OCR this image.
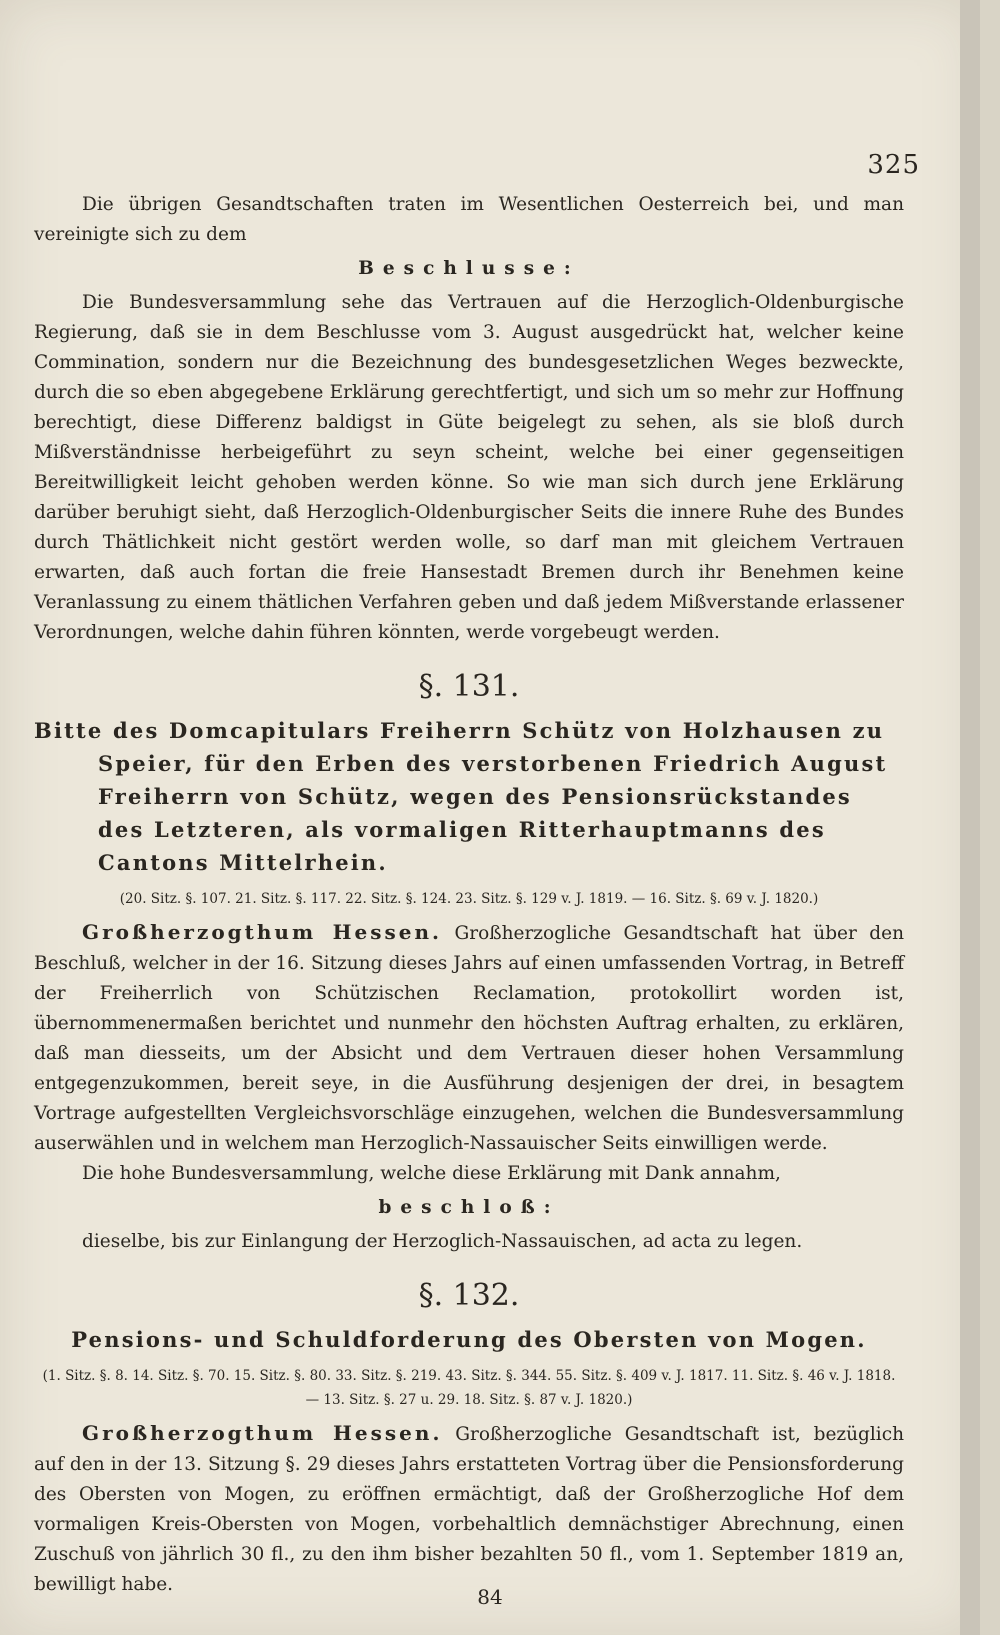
325

Die übrigen Gesandtschaften traten im Wesentlichen Oesterreich bei, und man vereinigte sich zu dem

Beschlusse:

Die Bundesversammlung sehe das Vertrauen auf die Herzoglich-Oldenburgische Regierung, daß sie in dem Beschlusse vom 3. August ausgedrückt hat, welcher keine Commination, sondern nur die Bezeichnung des bundesgesetzlichen Weges bezweckte, durch die so eben abgegebene Erklärung gerechtfertigt, und sich um so mehr zur Hoffnung berechtigt, diese Differenz baldigst in Güte beigelegt zu sehen, als sie bloß durch Mißverständnisse herbeigeführt zu seyn scheint, welche bei einer gegenseitigen Bereitwilligkeit leicht gehoben werden könne. So wie man sich durch jene Erklärung darüber beruhigt sieht, daß Herzoglich-Oldenburgischer Seits die innere Ruhe des Bundes durch Thätlichkeit nicht gestört werden wolle, so darf man mit gleichem Vertrauen erwarten, daß auch fortan die freie Hansestadt Bremen durch ihr Benehmen keine Veranlassung zu einem thätlichen Verfahren geben und daß jedem Mißverstande erlassener Verordnungen, welche dahin führen könnten, werde vorgebeugt werden.

§. 131.

Bitte des Domcapitulars Freiherrn Schütz von Holzhausen zu Speier, für den Erben des verstorbenen Friedrich August Freiherrn von Schütz, wegen des Pensionsrückstandes des Letzteren, als vormaligen Ritterhauptmanns des Cantons Mittelrhein.

(20. Sitz. §. 107. 21. Sitz. §. 117. 22. Sitz. §. 124. 23. Sitz. §. 129 v. J. 1819. — 16. Sitz. §. 69 v. J. 1820.)

Großherzogthum Hessen. Großherzogliche Gesandtschaft hat über den Beschluß, welcher in der 16. Sitzung dieses Jahrs auf einen umfassenden Vortrag, in Betreff der Freiherrlich von Schützischen Reclamation, protokollirt worden ist, übernommenermaßen berichtet und nunmehr den höchsten Auftrag erhalten, zu erklären, daß man diesseits, um der Absicht und dem Vertrauen dieser hohen Versammlung entgegenzukommen, bereit seye, in die Ausführung desjenigen der drei, in besagtem Vortrage aufgestellten Vergleichsvorschläge einzugehen, welchen die Bundesversammlung auserwählen und in welchem man Herzoglich-Nassauischer Seits einwilligen werde.

Die hohe Bundesversammlung, welche diese Erklärung mit Dank annahm,

beschloß:

dieselbe, bis zur Einlangung der Herzoglich-Nassauischen, ad acta zu legen.

§. 132.

Pensions- und Schuldforderung des Obersten von Mogen.

(1. Sitz. §. 8. 14. Sitz. §. 70. 15. Sitz. §. 80. 33. Sitz. §. 219. 43. Sitz. §. 344. 55. Sitz. §. 409 v. J. 1817. 11. Sitz. §. 46 v. J. 1818. — 13. Sitz. §. 27 u. 29. 18. Sitz. §. 87 v. J. 1820.)

Großherzogthum Hessen. Großherzogliche Gesandtschaft ist, bezüglich auf den in der 13. Sitzung §. 29 dieses Jahrs erstatteten Vortrag über die Pensionsforderung des Obersten von Mogen, zu eröffnen ermächtigt, daß der Großherzogliche Hof dem vormaligen Kreis-Obersten von Mogen, vorbehaltlich demnächstiger Abrechnung, einen Zuschuß von jährlich 30 fl., zu den ihm bisher bezahlten 50 fl., vom 1. September 1819 an, bewilligt habe.

84
